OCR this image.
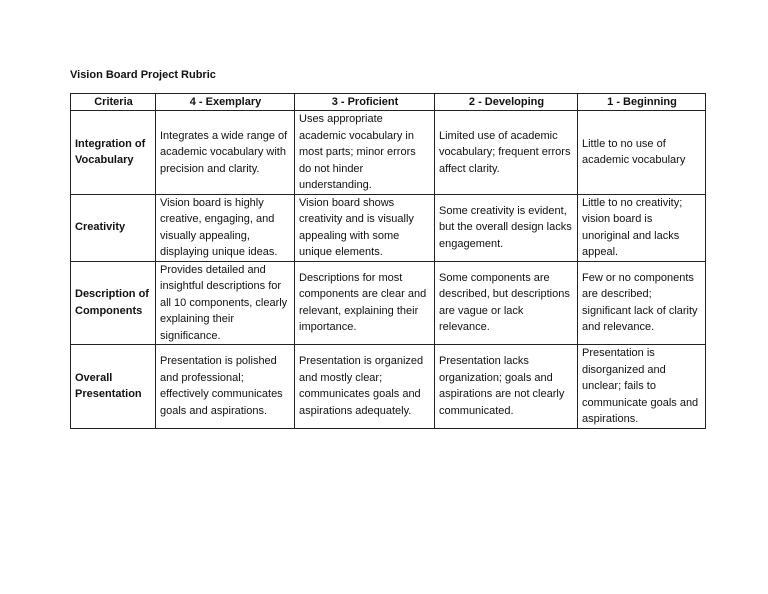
Vision Board Project Rubric
Criteria	4 - Exemplary	3 - Proficient	2 - Developing	1 - Beginning
Integration of Vocabulary	Integrates a wide range of academic vocabulary with precision and clarity.	Uses appropriate academic vocabulary in most parts; minor errors do not hinder understanding.	Limited use of academic vocabulary; frequent errors affect clarity.	Little to no use of academic vocabulary
Creativity	Vision board is highly creative, engaging, and visually appealing, displaying unique ideas.	Vision board shows creativity and is visually appealing with some unique elements.	Some creativity is evident, but the overall design lacks engagement.	Little to no creativity; vision board is unoriginal and lacks appeal.
Description of Components	Provides detailed and insightful descriptions for all 10 components, clearly explaining their significance.	Descriptions for most components are clear and relevant, explaining their importance.	Some components are described, but descriptions are vague or lack relevance.	Few or no components are described; significant lack of clarity and relevance.
Overall Presentation	Presentation is polished and professional; effectively communicates goals and aspirations.	Presentation is organized and mostly clear; communicates goals and aspirations adequately.	Presentation lacks organization; goals and aspirations are not clearly communicated.	Presentation is disorganized and unclear; fails to communicate goals and aspirations.
